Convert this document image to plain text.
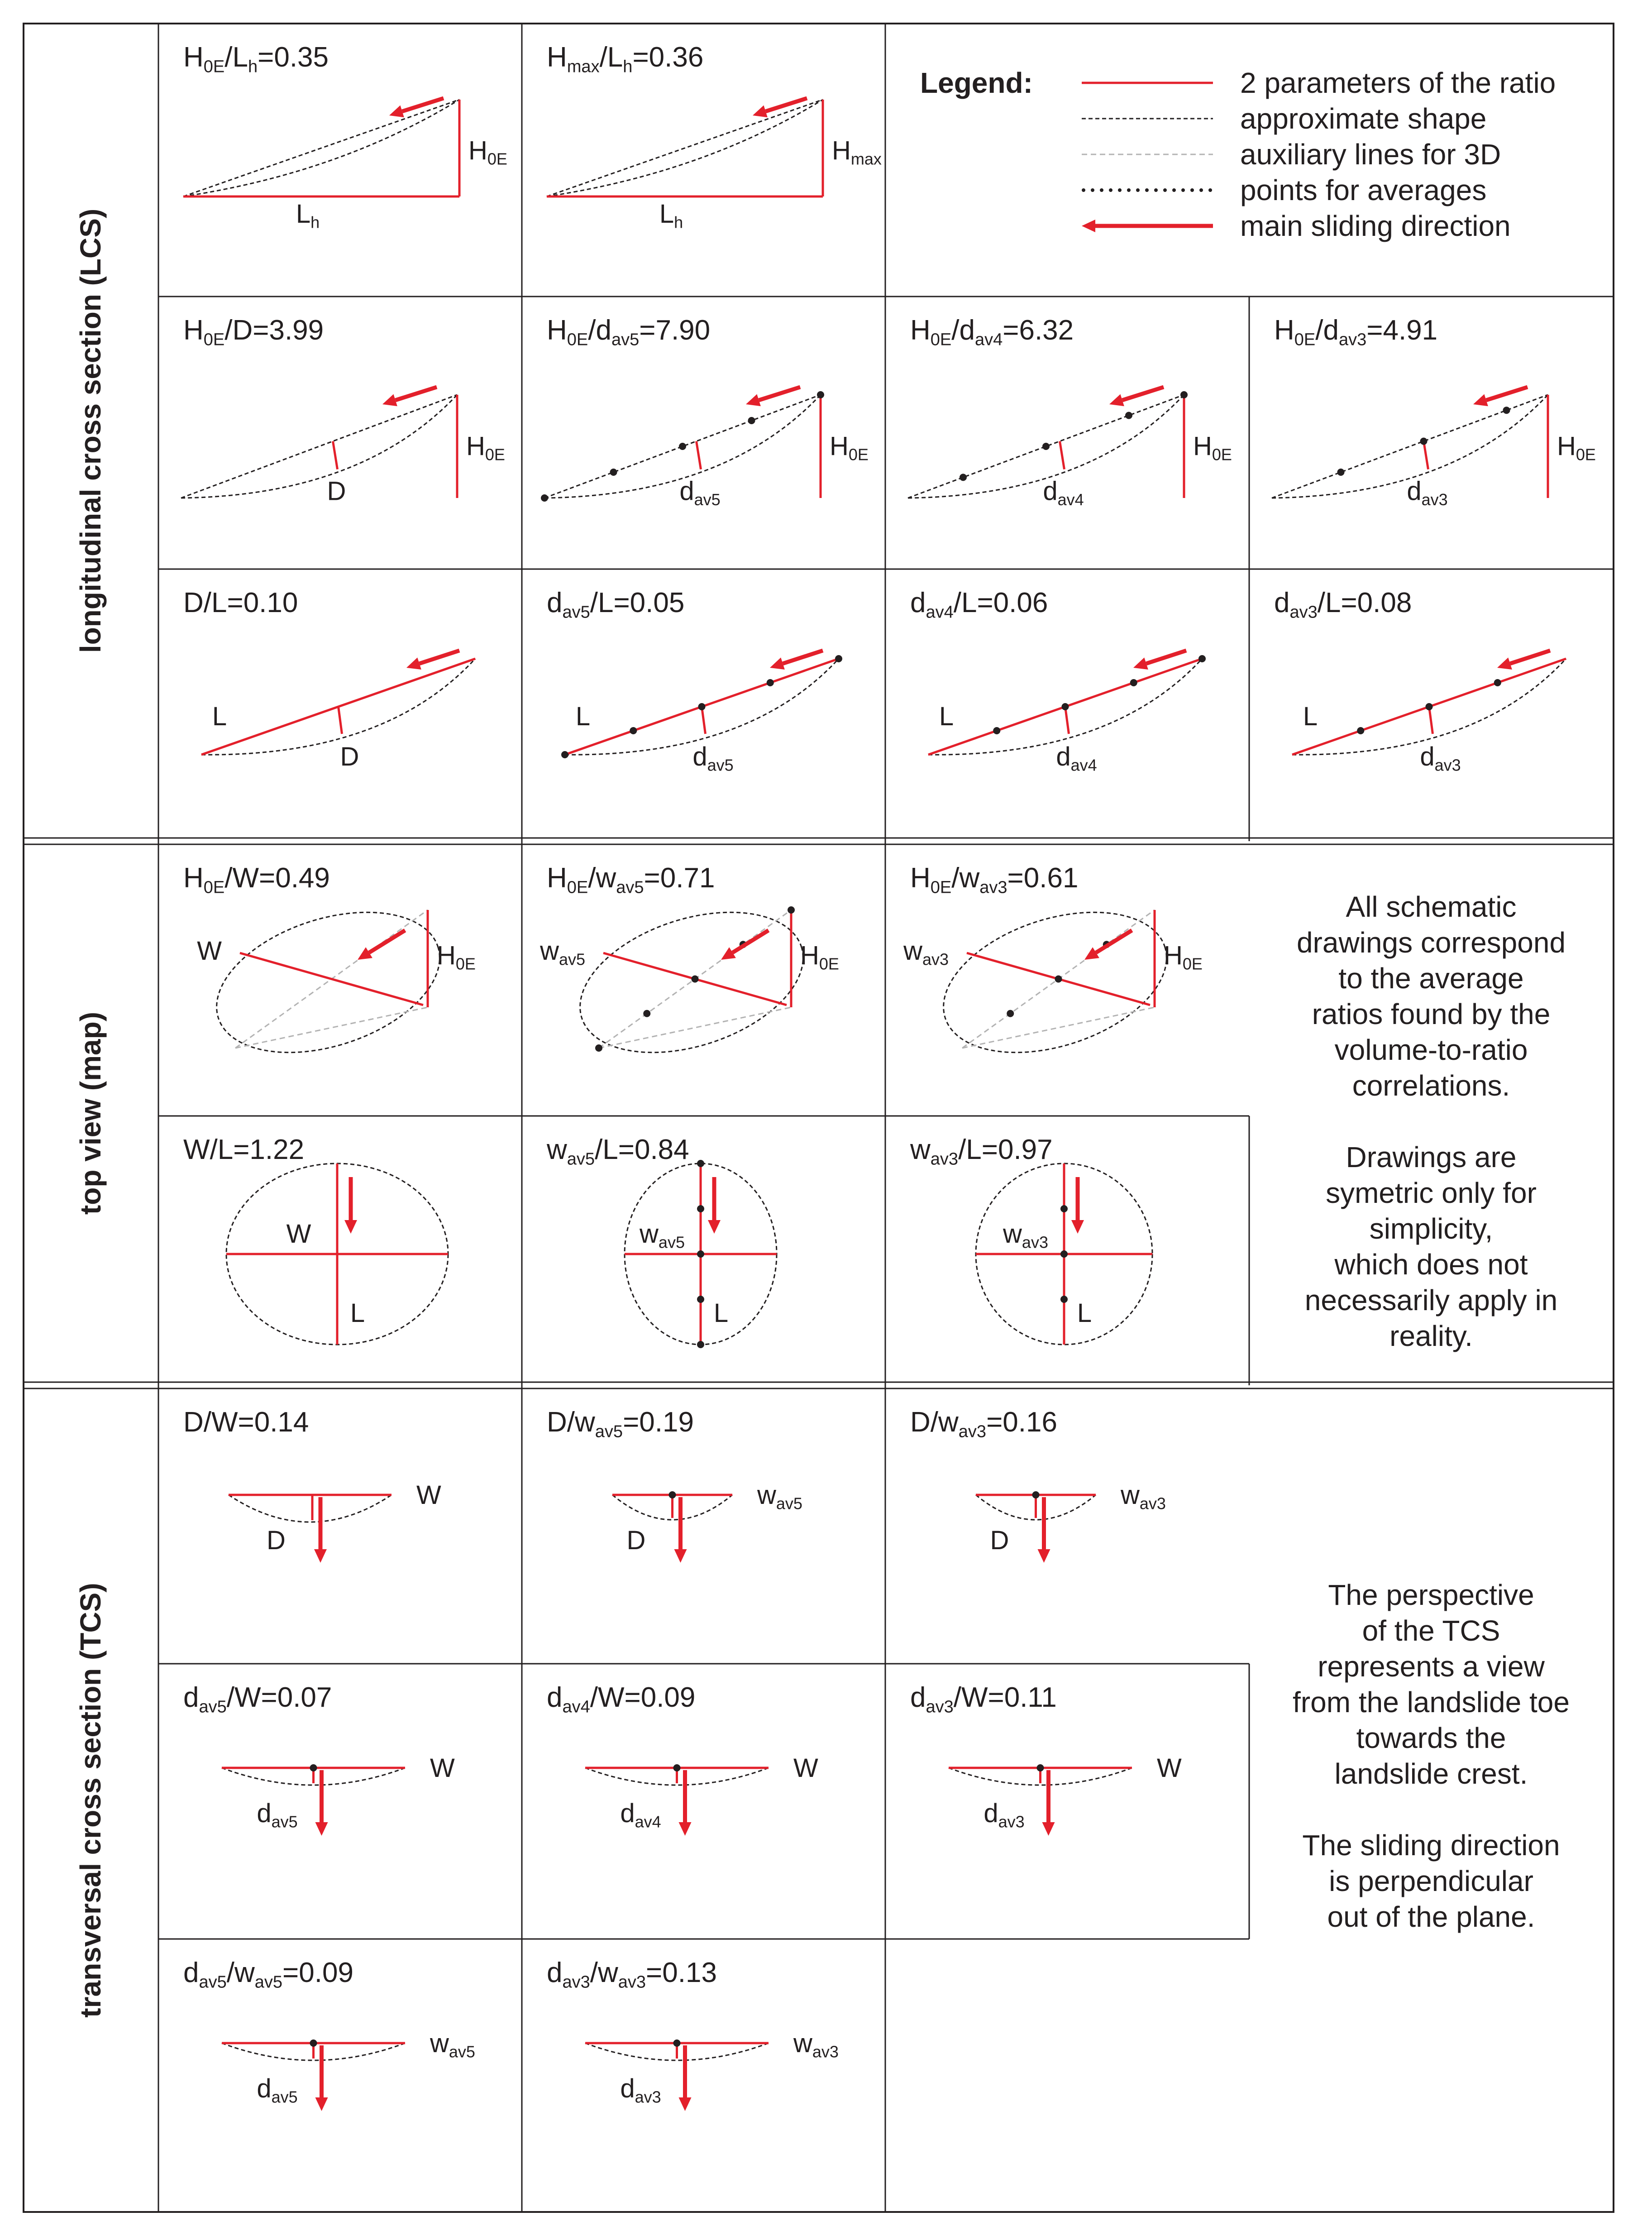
longitudinal cross section (LCS)
top view (map)
transversal cross section (TCS)
Legend:	2 parameters of the ratio
approximate shape
auxiliary lines for 3D
points for averages
main sliding direction
All schematic
drawings correspond
to the average
ratios found by the
volume-to-ratio
correlations.
Drawings are
symetric only for
simplicity,
which does not
necessarily apply in
reality.
The perspective
of the TCS
represents a view
from the landslide toe
towards the
landslide crest.
The sliding direction
is perpendicular
out of the plane.
$H_{0E}/L_h=0.35$
$L_h$
$H_{0E}$
$H_{max}/L_h=0.36$
$L_h$
$H_{max}$
$H_{0E}/D=3.99$
$H_{0E}$
D
$H_{0E}/d_{av5}=7.90$
$H_{0E}$
$d_{av5}$
$H_{0E}/d_{av4}=6.32$
$H_{0E}$
$d_{av4}$
$H_{0E}/d_{av3}=4.91$
$H_{0E}$
$d_{av3}$
D/L=0.10
L
D
$d_{av5}/L=0.05$
L
$d_{av5}$
$d_{av4}/L=0.06$
L
$d_{av4}$
$d_{av3}/L=0.08$
L
$d_{av3}$
$H_{0E}/W=0.49$
W	$H_{0E}$
$H_{0E}/w_{av5}=0.71$
$w_{av5}$	$H_{0E}$
$H_{0E}/w_{av3}=0.61$
$w_{av3}$	$H_{0E}$
W/L=1.22
W
L
$w_{av5}/L=0.84$
$w_{av5}$
L
$w_{av3}/L=0.97$
$w_{av3}$
L
D/W=0.14
W
D
$D/w_{av5}=0.19$
$w_{av5}$
D
$D/w_{av3}=0.16$
$w_{av3}$
D
$d_{av5}/W=0.07$
W
$d_{av5}$
$d_{av4}/W=0.09$
W
$d_{av4}$
$d_{av3}/W=0.11$
W
$d_{av3}$
$d_{av5}/w_{av5}=0.09$
$w_{av5}$
$d_{av5}$
$d_{av3}/w_{av3}=0.13$
$w_{av3}$
$d_{av3}$
